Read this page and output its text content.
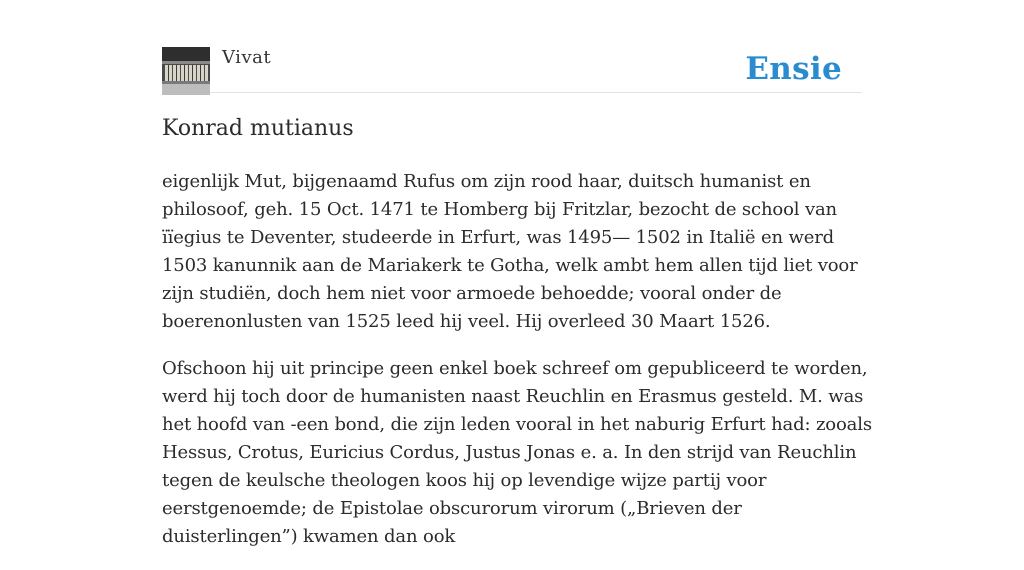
Vivat	Ensie
Konrad mutianus

eigenlijk Mut, bijgenaamd Rufus om zijn rood haar, duitsch humanist en philosoof, geh. 15 Oct. 1471 te Homberg bij Fritzlar, bezocht de school van ïïegius te Deventer, studeerde in Erfurt, was 1495— 1502 in Italië en werd 1503 kanunnik aan de Mariakerk te Gotha, welk ambt hem allen tijd liet voor zijn studiën, doch hem niet voor armoede behoedde; vooral onder de boerenonlusten van 1525 leed hij veel. Hij overleed 30 Maart 1526.

Ofschoon hij uit principe geen enkel boek schreef om gepubliceerd te worden, werd hij toch door de humanisten naast Reuchlin en Erasmus gesteld. M. was het hoofd van -een bond, die zijn leden vooral in het naburig Erfurt had: zooals Hessus, Crotus, Euricius Cordus, Justus Jonas e. a. In den strijd van Reuchlin tegen de keulsche theologen koos hij op levendige wijze partij voor eerstgenoemde; de Epistolae obscurorum virorum („Brieven der duisterlingen”) kwamen dan ook
